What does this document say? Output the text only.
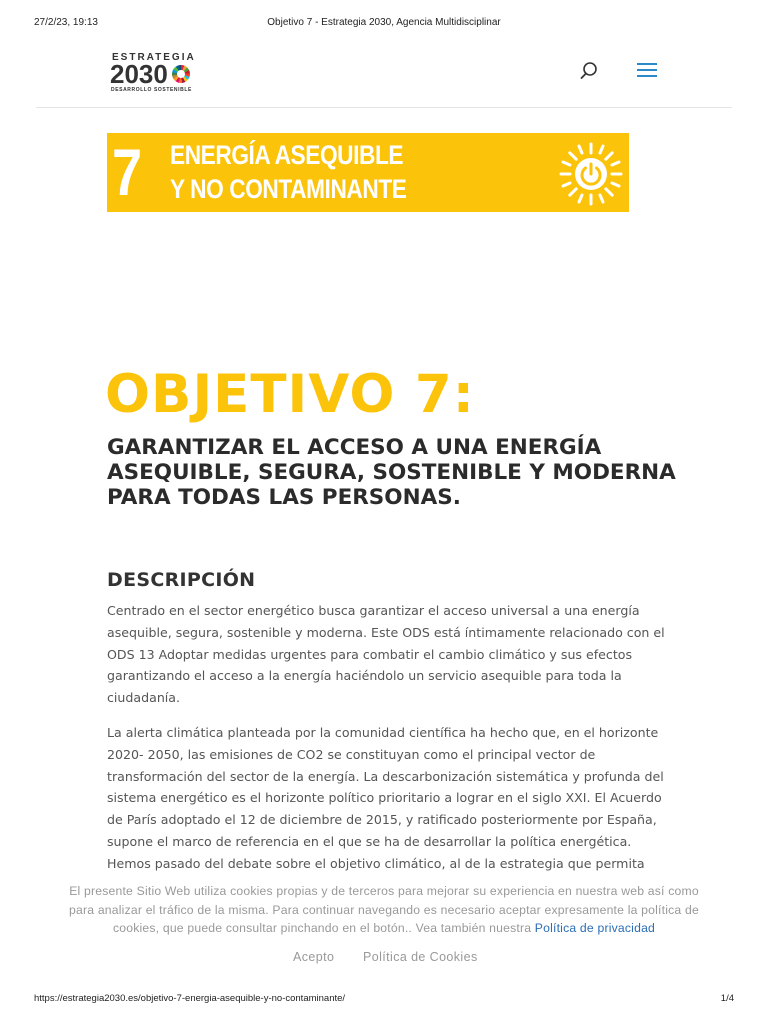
27/2/23, 19:13	Objetivo 7 - Estrategia 2030, Agencia Multidisciplinar
ESTRATEGIA
2030
DESARROLLO SOSTENIBLE
7 ENERGÍA ASEQUIBLE
Y NO CONTAMINANTE
OBJETIVO 7:
GARANTIZAR EL ACCESO A UNA ENERGÍA ASEQUIBLE, SEGURA, SOSTENIBLE Y MODERNA PARA TODAS LAS PERSONAS.
DESCRIPCIÓN

Centrado en el sector energético busca garantizar el acceso universal a una energía asequible, segura, sostenible y moderna. Este ODS está íntimamente relacionado con el ODS 13 Adoptar medidas urgentes para combatir el cambio climático y sus efectos garantizando el acceso a la energía haciéndolo un servicio asequible para toda la ciudadanía.

La alerta climática planteada por la comunidad científica ha hecho que, en el horizonte 2020- 2050, las emisiones de CO2 se constituyan como el principal vector de transformación del sector de la energía. La descarbonización sistemática y profunda del sistema energético es el horizonte político prioritario a lograr en el siglo XXI. El Acuerdo de París adoptado el 12 de diciembre de 2015, y ratificado posteriormente por España, supone el marco de referencia en el que se ha de desarrollar la política energética. Hemos pasado del debate sobre el objetivo climático, al de la estrategia que permita

El presente Sitio Web utiliza cookies propias y de terceros para mejorar su experiencia en nuestra web así como para analizar el tráfico de la misma. Para continuar navegando es necesario aceptar expresamente la política de cookies, que puede consultar pinchando en el botón.. Vea también nuestra Política de privacidad
Acepto Política de Cookies
https://estrategia2030.es/objetivo-7-energia-asequible-y-no-contaminante/	1/4
